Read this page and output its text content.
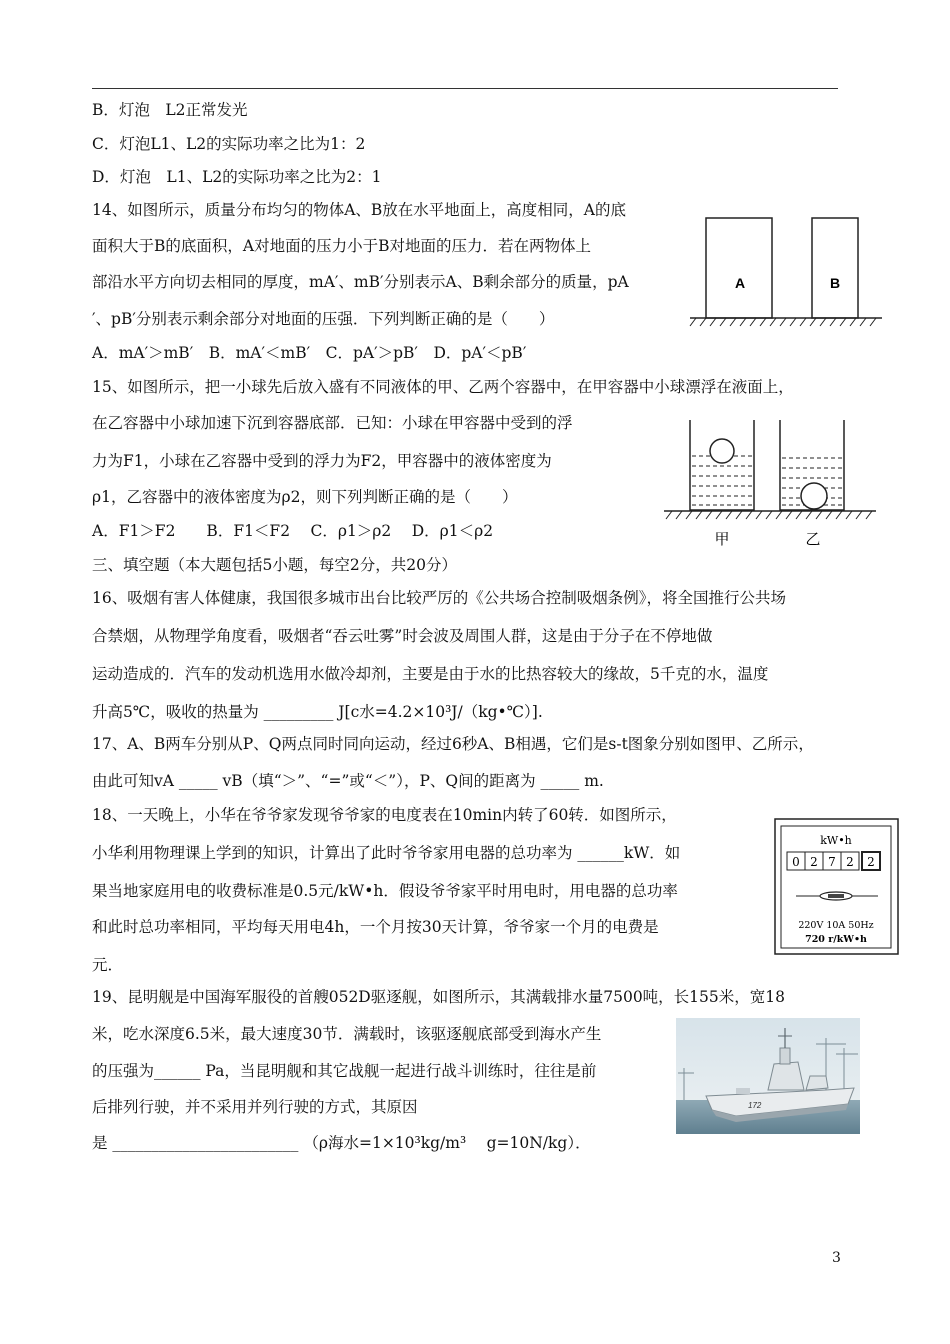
B．灯泡　L2正常发光
C．灯泡L1、L2的实际功率之比为1：2
D．灯泡　L1、L2的实际功率之比为2：1
14、如图所示，质量分布均匀的物体A、B放在水平地面上，高度相同，A的底
面积大于B的底面积，A对地面的压力小于B对地面的压力．若在两物体上
部沿水平方向切去相同的厚度，mA′、mB′分别表示A、B剩余部分的质量，pA
′、pB′分别表示剩余部分对地面的压强．下列判断正确的是（　　）
A．mA′＞mB′　B．mA′＜mB′　C．pA′＞pB′　D．pA′＜pB′
15、如图所示，把一小球先后放入盛有不同液体的甲、乙两个容器中，在甲容器中小球漂浮在液面上，
在乙容器中小球加速下沉到容器底部．已知：小球在甲容器中受到的浮
力为F1，小球在乙容器中受到的浮力为F2，甲容器中的液体密度为
ρ1，乙容器中的液体密度为ρ2，则下列判断正确的是（　　）
A．F1＞F2　　B．F1＜F2　 C．ρ1＞ρ2　 D．ρ1＜ρ2
三、填空题（本大题包括5小题，每空2分，共20分）
16、吸烟有害人体健康，我国很多城市出台比较严厉的《公共场合控制吸烟条例》，将全国推行公共场
合禁烟，从物理学角度看，吸烟者“吞云吐雾”时会波及周围人群，这是由于分子在不停地做
运动造成的．汽车的发动机选用水做冷却剂，主要是由于水的比热容较大的缘故，5千克的水，温度
升高5℃，吸收的热量为 _________ J[c水=4.2×10³J/（kg•℃）].
17、A、B两车分别从P、Q两点同时同向运动，经过6秒A、B相遇，它们是s-t图象分别如图甲、乙所示，
由此可知vA _____ vB（填“＞”、“=”或“＜”），P、Q间的距离为 _____ m.
18、一天晚上，小华在爷爷家发现爷爷家的电度表在10min内转了60转．如图所示，
小华利用物理课上学到的知识，计算出了此时爷爷家用电器的总功率为 ______kW．如
果当地家庭用电的收费标准是0.5元/kW•h．假设爷爷家平时用电时，用电器的总功率
和此时总功率相同，平均每天用电4h，一个月按30天计算，爷爷家一个月的电费是
元．
19、昆明舰是中国海军服役的首艘052D驱逐舰，如图所示，其满载排水量7500吨，长155米，宽18
米，吃水深度6.5米，最大速度30节．满载时，该驱逐舰底部受到海水产生
的压强为______ Pa，当昆明舰和其它战舰一起进行战斗训练时，往往是前
后排列行驶，并不采用并列行驶的方式，其原因
是 ________________________ （ρ海水=1×10³kg/m³　 g=10N/kg）．
A	B
甲	乙
kW•h
0 2 7 2 2
220V 10A 50Hz
720 r/kW•h
172
3
